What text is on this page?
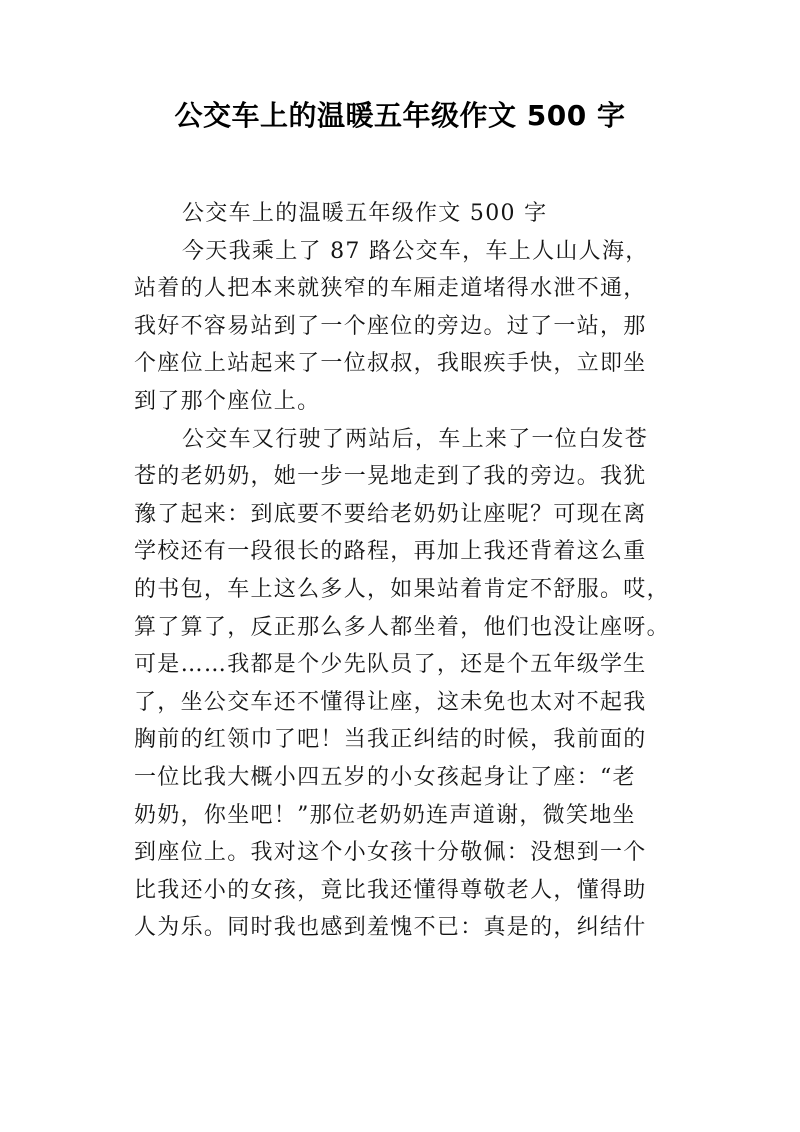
公交车上的温暖五年级作文 500 字
公交车上的温暖五年级作文 500 字
今天我乘上了 87 路公交车，车上人山人海，
站着的人把本来就狭窄的车厢走道堵得水泄不通，
我好不容易站到了一个座位的旁边。过了一站，那
个座位上站起来了一位叔叔，我眼疾手快，立即坐
到了那个座位上。
公交车又行驶了两站后，车上来了一位白发苍
苍的老奶奶，她一步一晃地走到了我的旁边。我犹
豫了起来：到底要不要给老奶奶让座呢？可现在离
学校还有一段很长的路程，再加上我还背着这么重
的书包，车上这么多人，如果站着肯定不舒服。哎，
算了算了，反正那么多人都坐着，他们也没让座呀。
可是……我都是个少先队员了，还是个五年级学生
了，坐公交车还不懂得让座，这未免也太对不起我
胸前的红领巾了吧！当我正纠结的时候，我前面的
一位比我大概小四五岁的小女孩起身让了座：“老
奶奶，你坐吧！”那位老奶奶连声道谢，微笑地坐
到座位上。我对这个小女孩十分敬佩：没想到一个
比我还小的女孩，竟比我还懂得尊敬老人，懂得助
人为乐。同时我也感到羞愧不已：真是的，纠结什
